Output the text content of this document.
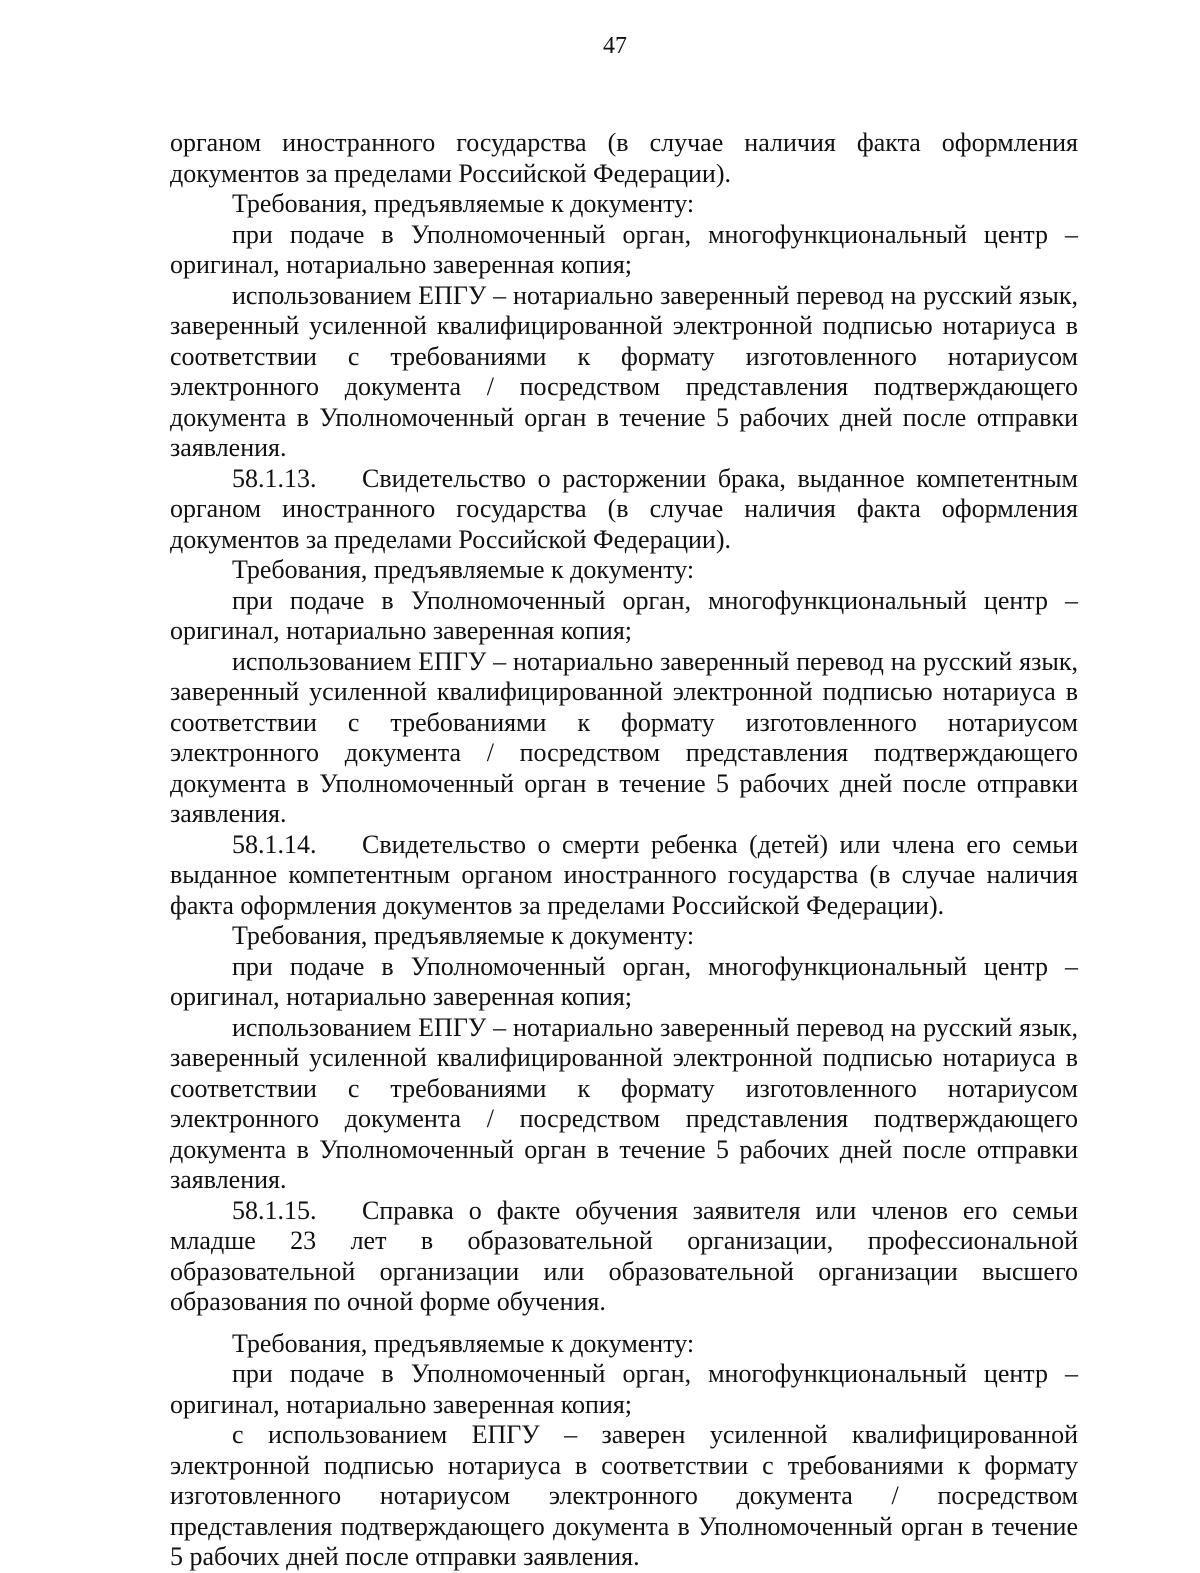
47

органом иностранного государства (в случае наличия факта оформления документов за пределами Российской Федерации).

Требования, предъявляемые к документу:

при подаче в Уполномоченный орган, многофункциональный центр – оригинал, нотариально заверенная копия;

использованием ЕПГУ – нотариально заверенный перевод на русский язык, заверенный усиленной квалифицированной электронной подписью нотариуса в соответствии с требованиями к формату изготовленного нотариусом электронного документа / посредством представления подтверждающего документа в Уполномоченный орган в течение 5 рабочих дней после отправки заявления.

58.1.13. Свидетельство о расторжении брака, выданное компетентным органом иностранного государства (в случае наличия факта оформления документов за пределами Российской Федерации).

Требования, предъявляемые к документу:

при подаче в Уполномоченный орган, многофункциональный центр – оригинал, нотариально заверенная копия;

использованием ЕПГУ – нотариально заверенный перевод на русский язык, заверенный усиленной квалифицированной электронной подписью нотариуса в соответствии с требованиями к формату изготовленного нотариусом электронного документа / посредством представления подтверждающего документа в Уполномоченный орган в течение 5 рабочих дней после отправки заявления.

58.1.14. Свидетельство о смерти ребенка (детей) или члена его семьи выданное компетентным органом иностранного государства (в случае наличия факта оформления документов за пределами Российской Федерации).

Требования, предъявляемые к документу:

при подаче в Уполномоченный орган, многофункциональный центр – оригинал, нотариально заверенная копия;

использованием ЕПГУ – нотариально заверенный перевод на русский язык, заверенный усиленной квалифицированной электронной подписью нотариуса в соответствии с требованиями к формату изготовленного нотариусом электронного документа / посредством представления подтверждающего документа в Уполномоченный орган в течение 5 рабочих дней после отправки заявления.

58.1.15. Справка о факте обучения заявителя или членов его семьи младше 23 лет в образовательной организации, профессиональной образовательной организации или образовательной организации высшего образования по очной форме обучения.

Требования, предъявляемые к документу:

при подаче в Уполномоченный орган, многофункциональный центр – оригинал, нотариально заверенная копия;

с использованием ЕПГУ – заверен усиленной квалифицированной электронной подписью нотариуса в соответствии с требованиями к формату изготовленного нотариусом электронного документа / посредством представления подтверждающего документа в Уполномоченный орган в течение 5 рабочих дней после отправки заявления.
